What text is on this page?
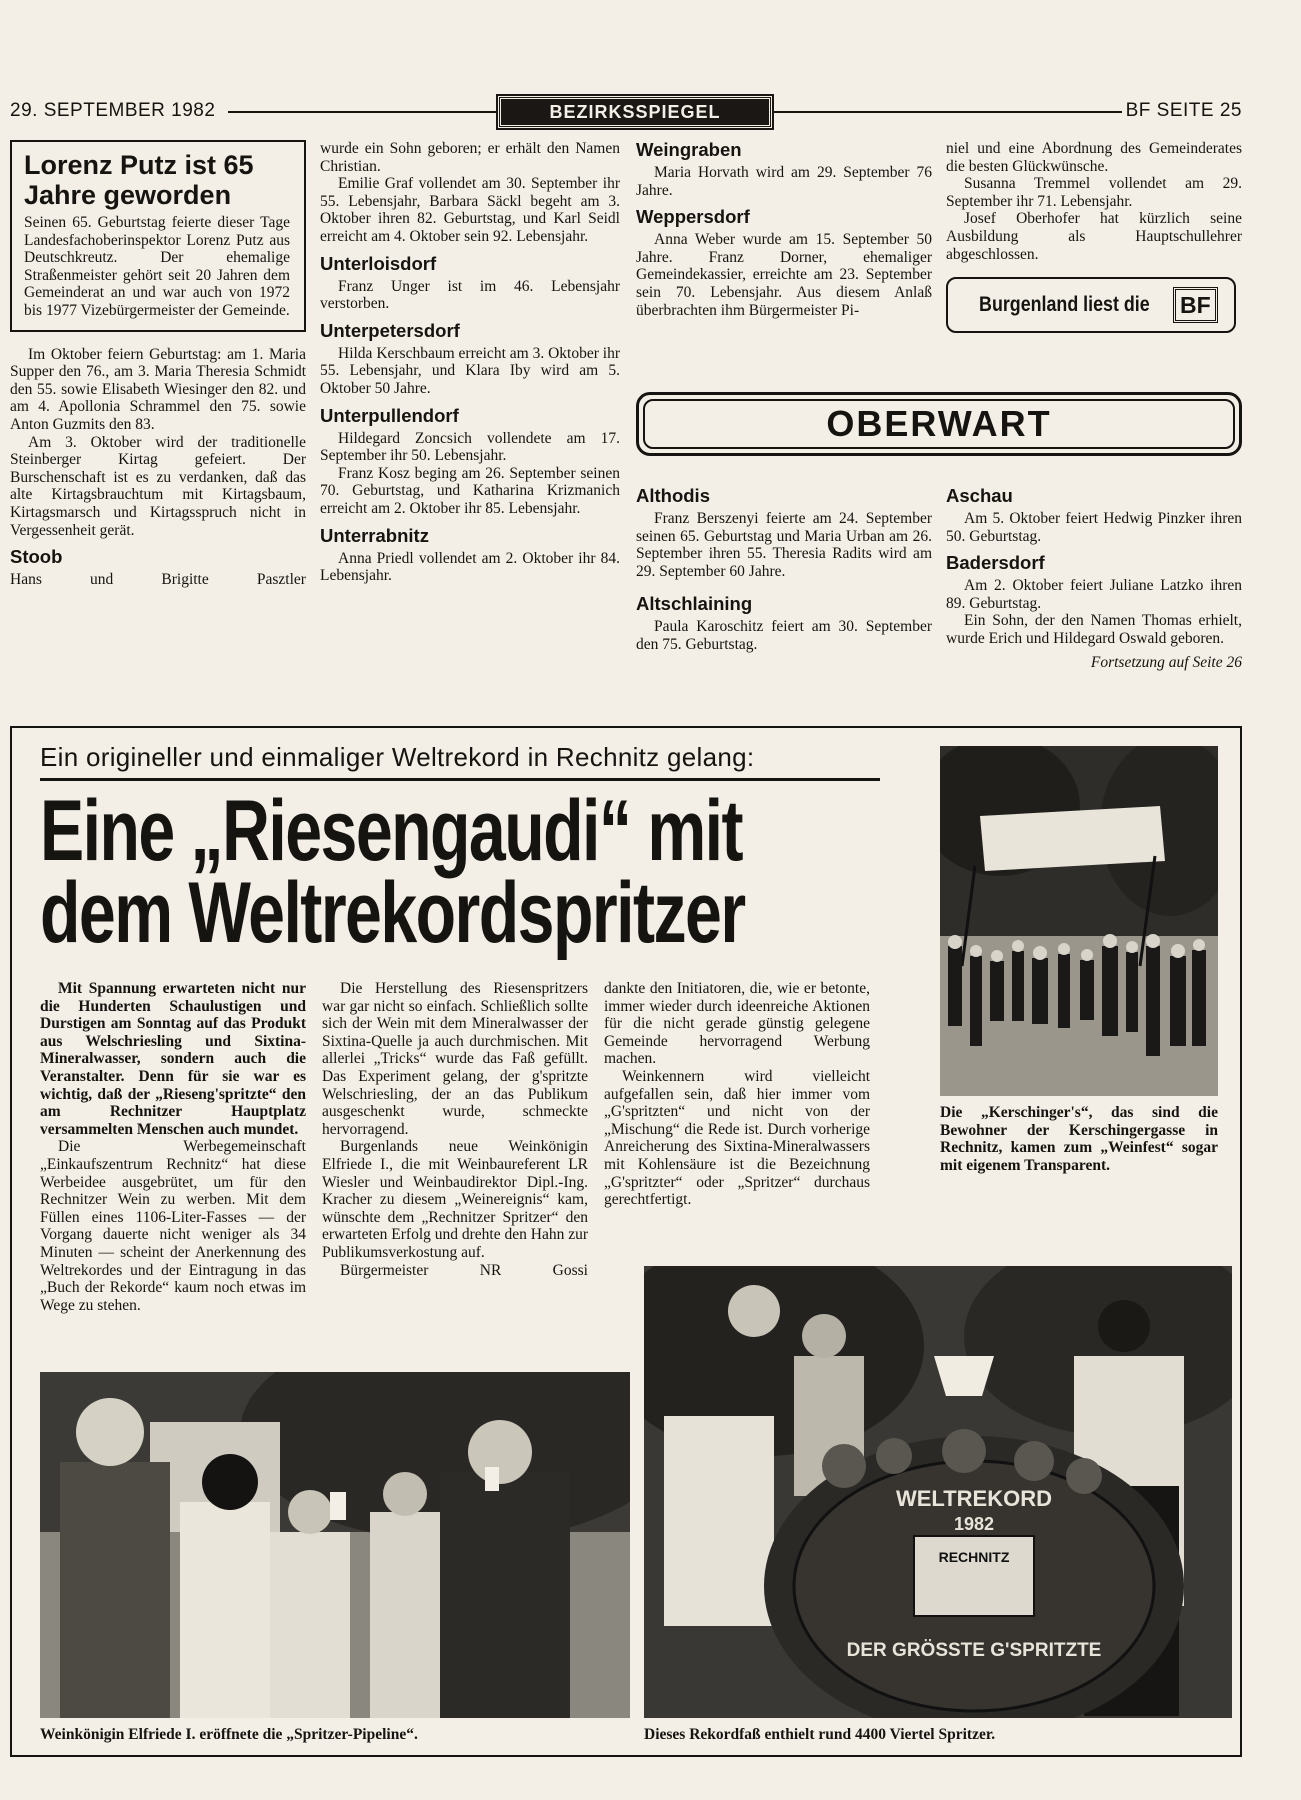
29. SEPTEMBER 1982	BEZIRKSSPIEGEL	BF SEITE 25
Lorenz Putz ist 65 Jahre geworden

Seinen 65. Geburtstag feierte dieser Tage Landesfachoberinspektor Lorenz Putz aus Deutschkreutz. Der ehemalige Straßenmeister gehört seit 20 Jahren dem Gemeinderat an und war auch von 1972 bis 1977 Vizebürgermeister der Gemeinde.

Im Oktober feiern Geburtstag: am 1. Maria Supper den 76., am 3. Maria Theresia Schmidt den 55. sowie Elisabeth Wiesinger den 82. und am 4. Apollonia Schrammel den 75. sowie Anton Guzmits den 83.

Am 3. Oktober wird der traditionelle Steinberger Kirtag gefeiert. Der Burschenschaft ist es zu verdanken, daß das alte Kirtagsbrauchtum mit Kirtagsbaum, Kirtagsmarsch und Kirtagsspruch nicht in Vergessenheit gerät.

Stoob

Hans	und	Brigitte	Pasztler

wurde ein Sohn geboren; er erhält den Namen Christian.

Emilie Graf vollendet am 30. September ihr 55. Lebensjahr, Barbara Säckl begeht am 3. Oktober ihren 82. Geburtstag, und Karl Seidl erreicht am 4. Oktober sein 92. Lebensjahr.

Unterloisdorf

Franz Unger ist im 46. Lebensjahr verstorben.

Unterpetersdorf

Hilda Kerschbaum erreicht am 3. Oktober ihr 55. Lebensjahr, und Klara Iby wird am 5. Oktober 50 Jahre.

Unterpullendorf

Hildegard Zoncsich vollendete am 17. September ihr 50. Lebensjahr.

Franz Kosz beging am 26. September seinen 70. Geburtstag, und Katharina Krizmanich erreicht am 2. Oktober ihr 85. Lebensjahr.

Unterrabnitz

Anna Priedl vollendet am 2. Oktober ihr 84. Lebensjahr.

Weingraben

Maria Horvath wird am 29. September 76 Jahre.

Weppersdorf

Anna Weber wurde am 15. September 50 Jahre. Franz Dorner, ehemaliger Gemeindekassier, erreichte am 23. September sein 70. Lebensjahr. Aus diesem Anlaß überbrachten ihm Bürgermeister Pi-

niel und eine Abordnung des Gemeinderates die besten Glückwünsche.

Susanna Tremmel vollendet am 29. September ihr 71. Lebensjahr.

Josef Oberhofer hat kürzlich seine Ausbildung als Hauptschullehrer abgeschlossen.

Burgenland liest die	BF
OBERWART
Althodis

Franz Berszenyi feierte am 24. September seinen 65. Geburtstag und Maria Urban am 26. September ihren 55. Theresia Radits wird am 29. September 60 Jahre.

Altschlaining

Paula Karoschitz feiert am 30. September den 75. Geburtstag.

Aschau

Am 5. Oktober feiert Hedwig Pinzker ihren 50. Geburtstag.

Badersdorf

Am 2. Oktober feiert Juliane Latzko ihren 89. Geburtstag.

Ein Sohn, der den Namen Thomas erhielt, wurde Erich und Hildegard Oswald geboren.

Fortsetzung auf Seite 26

Ein origineller und einmaliger Weltrekord in Rechnitz gelang:
Eine „Riesengaudi“ mit
dem Weltrekordspritzer

Mit Spannung erwarteten nicht nur die Hunderten Schaulustigen und Durstigen am Sonntag auf das Produkt aus Welschriesling und Sixtina-Mineralwasser, sondern auch die Veranstalter. Denn für sie war es wichtig, daß der „Rieseng'spritzte“ den am Rechnitzer Hauptplatz versammelten Menschen auch mundet.

Die Werbegemeinschaft „Einkaufszentrum Rechnitz“ hat diese Werbeidee ausgebrütet, um für den Rechnitzer Wein zu werben. Mit dem Füllen eines 1106-Liter-Fasses — der Vorgang dauerte nicht weniger als 34 Minuten — scheint der Anerkennung des Weltrekordes und der Eintragung in das „Buch der Rekorde“ kaum noch etwas im Wege zu stehen.

Die Herstellung des Riesenspritzers war gar nicht so einfach. Schließlich sollte sich der Wein mit dem Mineralwasser der Sixtina-Quelle ja auch durchmischen. Mit allerlei „Tricks“ wurde das Faß gefüllt. Das Experiment gelang, der g'spritzte Welschriesling, der an das Publikum ausgeschenkt wurde, schmeckte hervorragend.

Burgenlands neue Weinkönigin Elfriede I., die mit Weinbaureferent LR Wiesler und Weinbaudirektor Dipl.-Ing. Kracher zu diesem „Weinereignis“ kam, wünschte dem „Rechnitzer Spritzer“ den erwarteten Erfolg und drehte den Hahn zur Publikumsverkostung auf.

Bürgermeister	NR	Gossi

dankte den Initiatoren, die, wie er betonte, immer wieder durch ideenreiche Aktionen für die nicht gerade günstig gelegene Gemeinde hervorragend Werbung machen.

Weinkennern wird vielleicht aufgefallen sein, daß hier immer vom „G'spritzten“ und nicht von der „Mischung“ die Rede ist. Durch vorherige Anreicherung des Sixtina-Mineralwassers mit Kohlensäure ist die Bezeichnung „G'spritzter“ oder „Spritzer“ durchaus gerechtfertigt.

Die „Kerschinger's“, das sind die Bewohner der Kerschingergasse in Rechnitz, kamen zum „Weinfest“ sogar mit eigenem Transparent.
WELTREKORD
1982
RECHNITZ
DER GRÖSSTE G'SPRITZTE
Dieses Rekordfaß enthielt rund 4400 Viertel Spritzer.
Weinkönigin Elfriede I. eröffnete die „Spritzer-Pipeline“.
